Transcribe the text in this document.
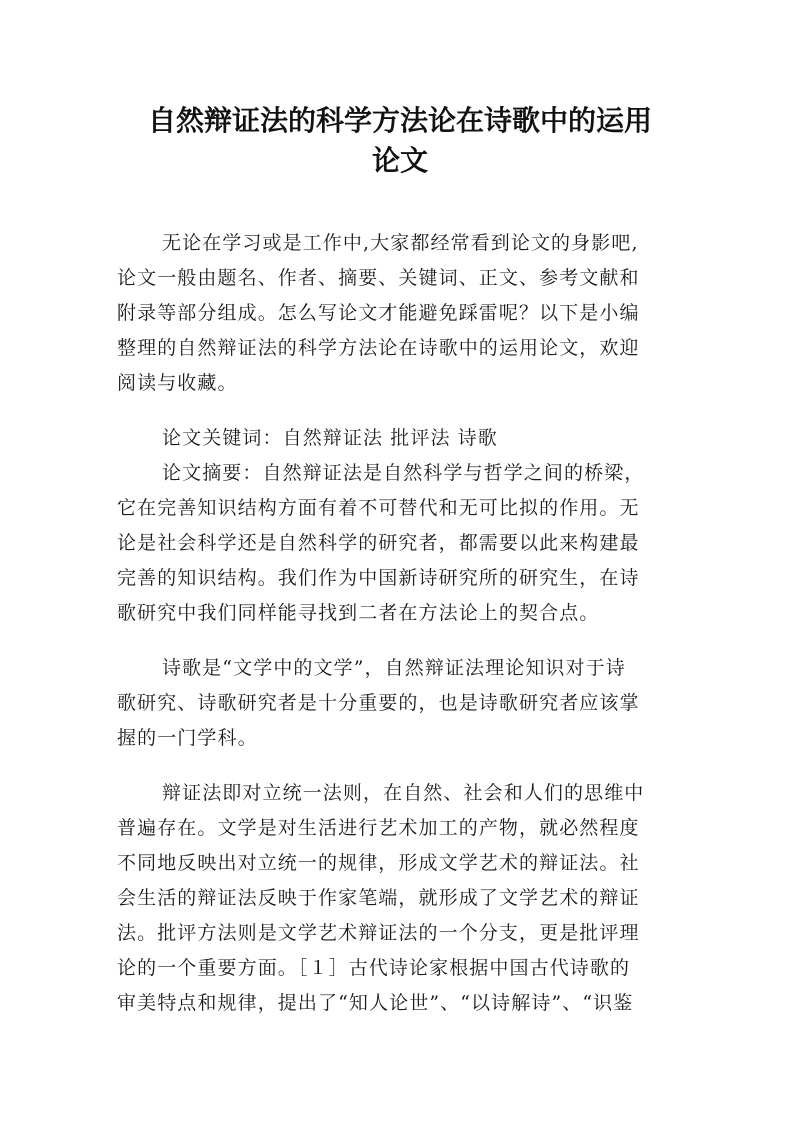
自然辩证法的科学方法论在诗歌中的运用
论文
无论在学习或是工作中,大家都经常看到论文的身影吧,
论文一般由题名、作者、摘要、关键词、正文、参考文献和
附录等部分组成。怎么写论文才能避免踩雷呢？以下是小编
整理的自然辩证法的科学方法论在诗歌中的运用论文，欢迎
阅读与收藏。
论文关键词：自然辩证法 批评法 诗歌
论文摘要：自然辩证法是自然科学与哲学之间的桥梁，
它在完善知识结构方面有着不可替代和无可比拟的作用。无
论是社会科学还是自然科学的研究者，都需要以此来构建最
完善的知识结构。我们作为中国新诗研究所的研究生，在诗
歌研究中我们同样能寻找到二者在方法论上的契合点。
诗歌是“文学中的文学”，自然辩证法理论知识对于诗
歌研究、诗歌研究者是十分重要的，也是诗歌研究者应该掌
握的一门学科。
辩证法即对立统一法则，在自然、社会和人们的思维中
普遍存在。文学是对生活进行艺术加工的产物，就必然程度
不同地反映出对立统一的规律，形成文学艺术的辩证法。社
会生活的辩证法反映于作家笔端，就形成了文学艺术的辩证
法。批评方法则是文学艺术辩证法的一个分支，更是批评理
论的一个重要方面。［１］古代诗论家根据中国古代诗歌的
审美特点和规律，提出了“知人论世”、“以诗解诗”、“识鉴
